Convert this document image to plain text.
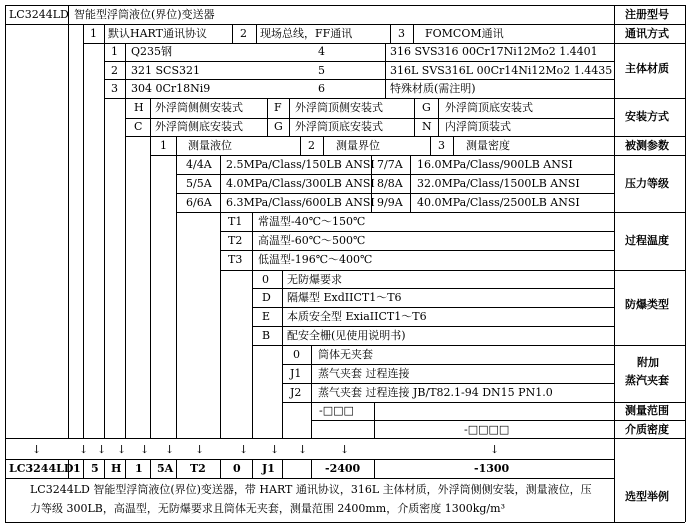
LC3244LD 智能型浮筒液位(界位)变送器	注册型号
1 默认HART通讯协议	2 现场总线，FF通讯	3 FOMCOM通讯	通讯方式
1 Q235钢	4	316 SVS316 00Cr17Ni12Mo2 1.4401
2 321 SCS321	5	316L SVS316L 00Cr14Ni12Mo2 1.4435
3 304 0Cr18Ni9	6	特殊材质(需注明)
主体材质
H 外浮筒侧侧安装式	F 外浮筒顶侧安装式	G 外浮筒顶底安装式
C 外浮筒侧底安装式	G 外浮筒顶底安装式	N 内浮筒顶装式
安装方式
1 测量液位	2 测量界位	3 测量密度	被测参数
4/4A 2.5MPa/Class/150LB ANSI 7/7A 16.0MPa/Class/900LB ANSI
5/5A 4.0MPa/Class/300LB ANSI 8/8A 32.0MPa/Class/1500LB ANSI
6/6A 6.3MPa/Class/600LB ANSI 9/9A 40.0MPa/Class/2500LB ANSI
压力等级
T1 常温型-40℃～150℃
T2 高温型-60℃～500℃
T3 低温型-196℃～400℃
过程温度
0 无防爆要求
D 隔爆型 ExdIICT1～T6
E 本质安全型 ExiaIICT1～T6
B 配安全栅(见使用说明书)
防爆类型
0 筒体无夹套
J1 蒸气夹套 过程连接
J2 蒸气夹套 过程连接 JB/T82.1-94 DN15 PN1.0
附加
蒸汽夹套
-□□□	测量范围
-□□□□	介质密度
↓	↓ ↓ ↓ ↓ ↓ ↓	↓ ↓ ↓	↓	↓
LC3244LD 1 5 H 1 5A T2 0 J1	-2400	-1300
LC3244LD 智能型浮筒液位(界位)变送器，带 HART 通讯协议，316L 主体材质，外浮筒侧侧安装，测量液位，压力等级 300LB，高温型，无防爆要求且筒体无夹套，测量范围 2400mm，介质密度 1300kg/m³
选型举例
